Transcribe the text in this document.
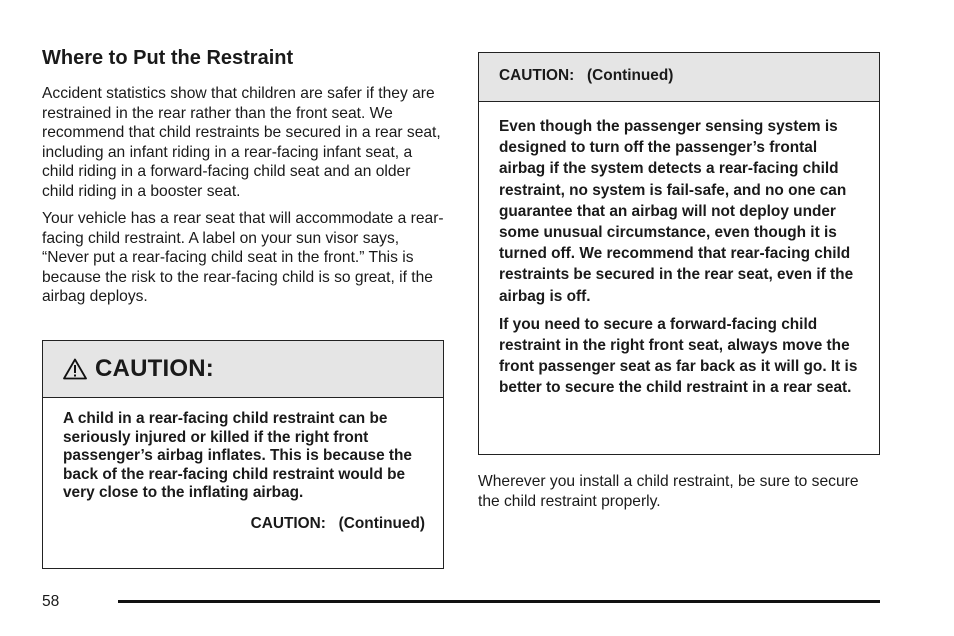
Where to Put the Restraint

Accident statistics show that children are safer if they are restrained in the rear rather than the front seat. We recommend that child restraints be secured in a rear seat, including an infant riding in a rear-facing infant seat, a child riding in a forward-facing child seat and an older child riding in a booster seat.

Your vehicle has a rear seat that will accommodate a rear-facing child restraint. A label on your sun visor says, “Never put a rear-facing child seat in the front.” This is because the risk to the rear-facing child is so great, if the airbag deploys.

CAUTION:

A child in a rear-facing child restraint can be seriously injured or killed if the right front passenger’s airbag inflates. This is because the back of the rear-facing child restraint would be very close to the inflating airbag.

CAUTION:   (Continued)
CAUTION:   (Continued)

Even though the passenger sensing system is designed to turn off the passenger’s frontal airbag if the system detects a rear-facing child restraint, no system is fail-safe, and no one can guarantee that an airbag will not deploy under some unusual circumstance, even though it is turned off. We recommend that rear-facing child restraints be secured in the rear seat, even if the airbag is off.

If you need to secure a forward-facing child restraint in the right front seat, always move the front passenger seat as far back as it will go. It is better to secure the child restraint in a rear seat.

Wherever you install a child restraint, be sure to secure the child restraint properly.

58
